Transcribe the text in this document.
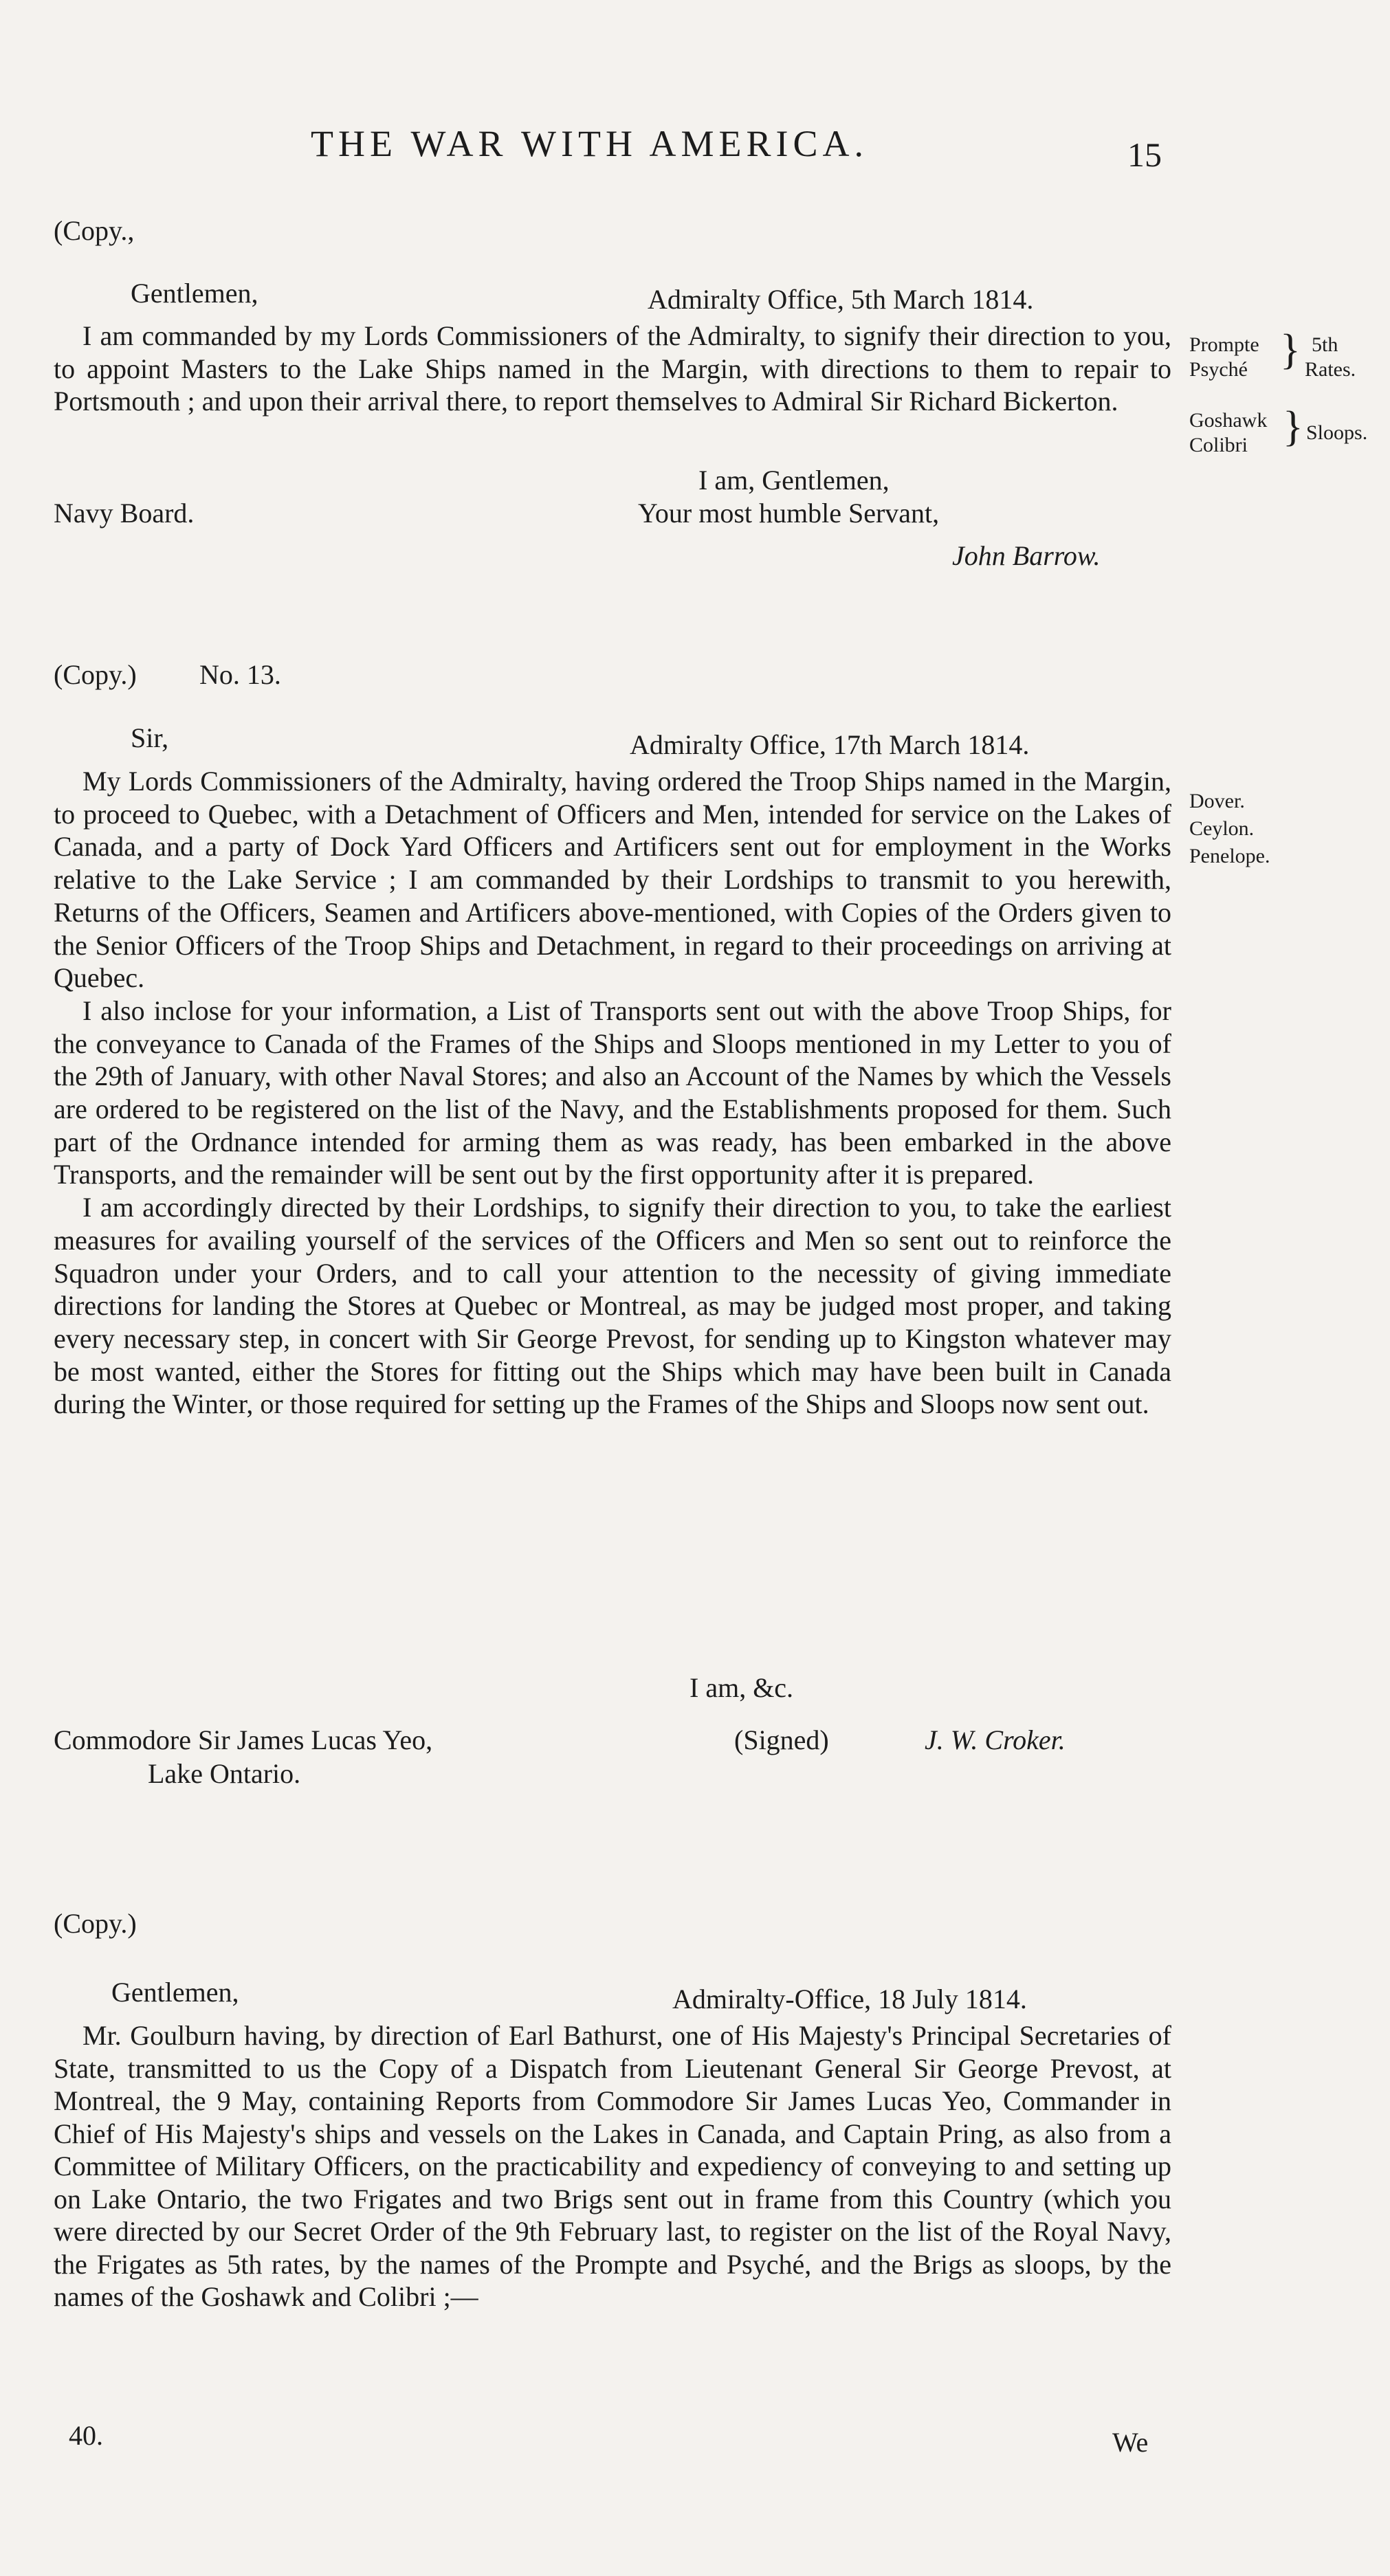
THE WAR WITH AMERICA.	15
(Copy.,
Gentlemen,	Admiralty Office, 5th March 1814.

I am commanded by my Lords Commissioners of the Admiralty, to signify their direction to you, to appoint Masters to the Lake Ships named in the Margin, with directions to them to repair to Portsmouth ; and upon their arrival there, to report themselves to Admiral Sir Richard Bickerton.

I am, Gentlemen,
Navy Board.	Your most humble Servant,
John Barrow.
Prompte
Psyché } 5th
Rates.
Goshawk
Colibri } Sloops.
(Copy.) No. 13.
Sir,	Admiralty Office, 17th March 1814.

My Lords Commissioners of the Admiralty, having ordered the Troop Ships named in the Margin, to proceed to Quebec, with a Detachment of Officers and Men, intended for service on the Lakes of Canada, and a party of Dock Yard Officers and Artificers sent out for employment in the Works relative to the Lake Service ; I am commanded by their Lordships to transmit to you herewith, Returns of the Officers, Seamen and Artificers above-mentioned, with Copies of the Orders given to the Senior Officers of the Troop Ships and Detachment, in regard to their proceedings on arriving at Quebec.

I also inclose for your information, a List of Transports sent out with the above Troop Ships, for the conveyance to Canada of the Frames of the Ships and Sloops mentioned in my Letter to you of the 29th of January, with other Naval Stores; and also an Account of the Names by which the Vessels are ordered to be registered on the list of the Navy, and the Establishments proposed for them. Such part of the Ordnance intended for arming them as was ready, has been embarked in the above Transports, and the remainder will be sent out by the first opportunity after it is prepared.

I am accordingly directed by their Lordships, to signify their direction to you, to take the earliest measures for availing yourself of the services of the Officers and Men so sent out to reinforce the Squadron under your Orders, and to call your attention to the necessity of giving immediate directions for landing the Stores at Quebec or Montreal, as may be judged most proper, and taking every necessary step, in concert with Sir George Prevost, for sending up to Kingston whatever may be most wanted, either the Stores for fitting out the Ships which may have been built in Canada during the Winter, or those required for setting up the Frames of the Ships and Sloops now sent out.

Dover.
Ceylon.
Penelope.
I am, &c.
Commodore Sir James Lucas Yeo,	(Signed)	J. W. Croker.
Lake Ontario.
(Copy.)
Gentlemen,	Admiralty-Office, 18 July 1814.

Mr. Goulburn having, by direction of Earl Bathurst, one of His Majesty's Principal Secretaries of State, transmitted to us the Copy of a Dispatch from Lieutenant General Sir George Prevost, at Montreal, the 9 May, containing Reports from Commodore Sir James Lucas Yeo, Commander in Chief of His Majesty's ships and vessels on the Lakes in Canada, and Captain Pring, as also from a Committee of Military Officers, on the practicability and expediency of conveying to and setting up on Lake Ontario, the two Frigates and two Brigs sent out in frame from this Country (which you were directed by our Secret Order of the 9th February last, to register on the list of the Royal Navy, the Frigates as 5th rates, by the names of the Prompte and Psyché, and the Brigs as sloops, by the names of the Goshawk and Colibri ;—

40.	We
